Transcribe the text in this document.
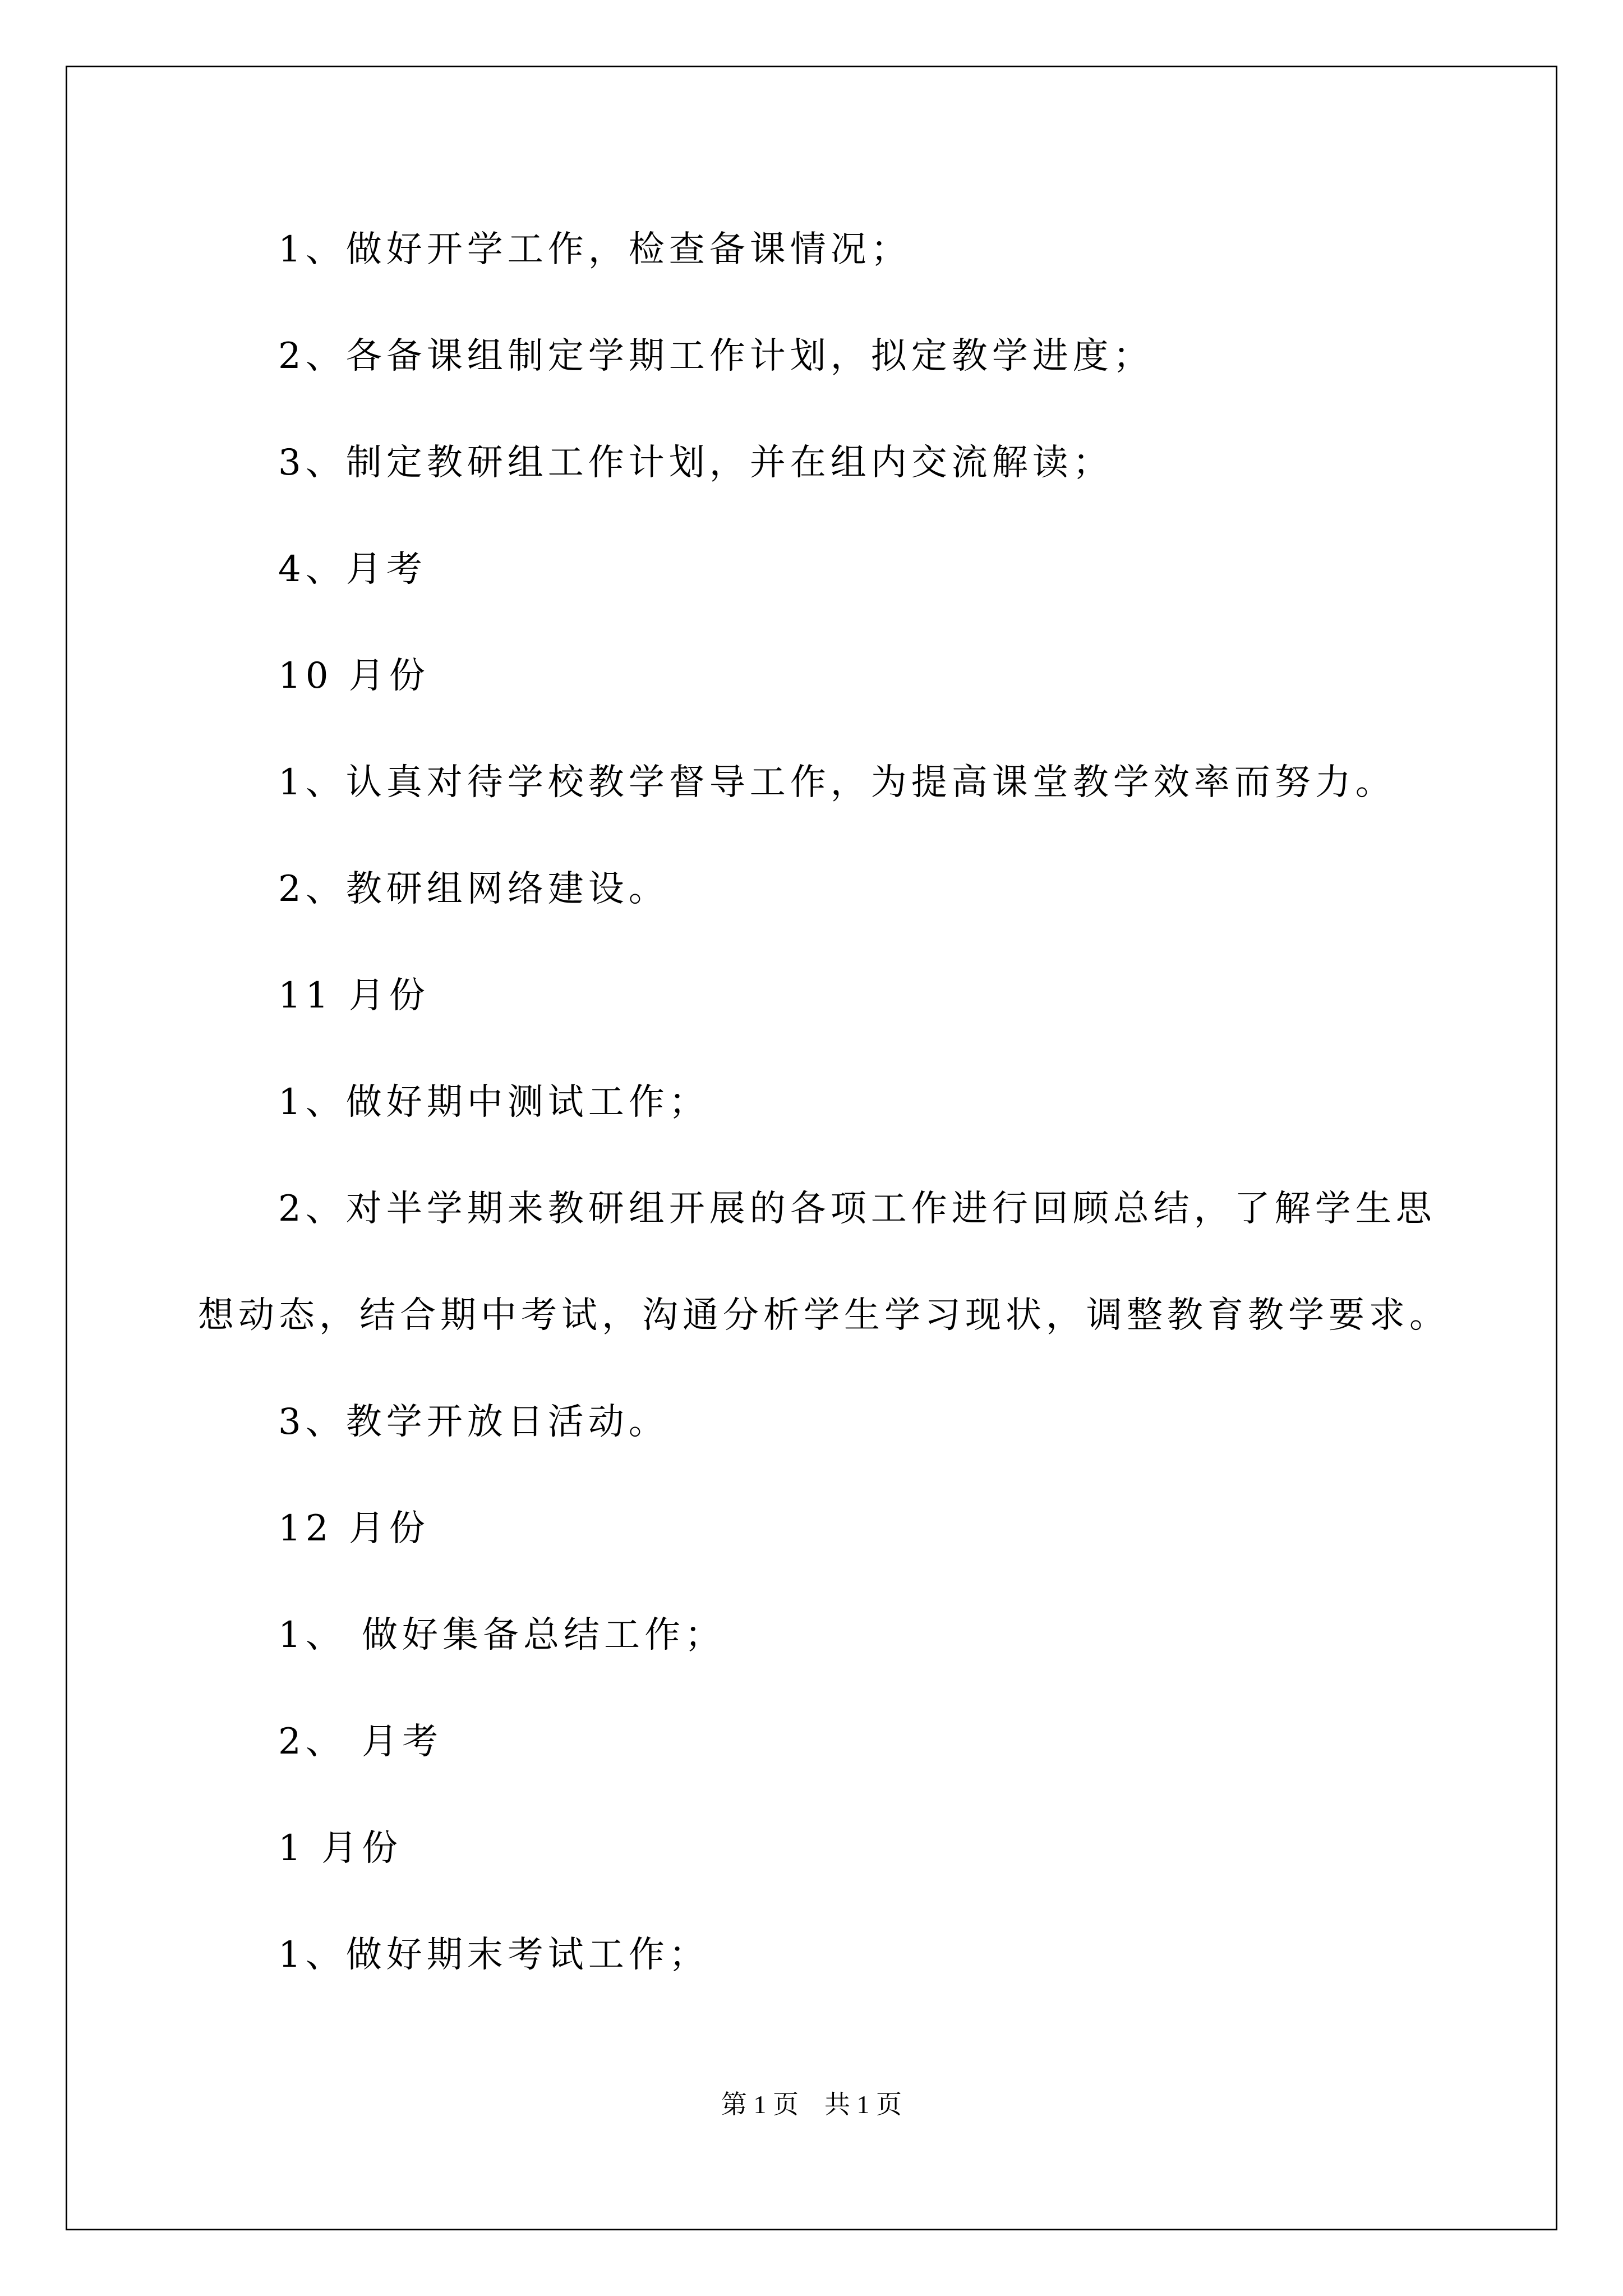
1、做好开学工作，检查备课情况；

2、各备课组制定学期工作计划，拟定教学进度；

3、制定教研组工作计划，并在组内交流解读；

4、月考

10 月份

1、认真对待学校教学督导工作，为提高课堂教学效率而努力。

2、教研组网络建设。

11 月份

1、做好期中测试工作；

2、对半学期来教研组开展的各项工作进行回顾总结，了解学生思

想动态，结合期中考试，沟通分析学生学习现状，调整教育教学要求。

3、教学开放日活动。

12 月份

1、 做好集备总结工作；

2、 月考

1 月份

1、做好期末考试工作；

第 1 页　共 1 页
